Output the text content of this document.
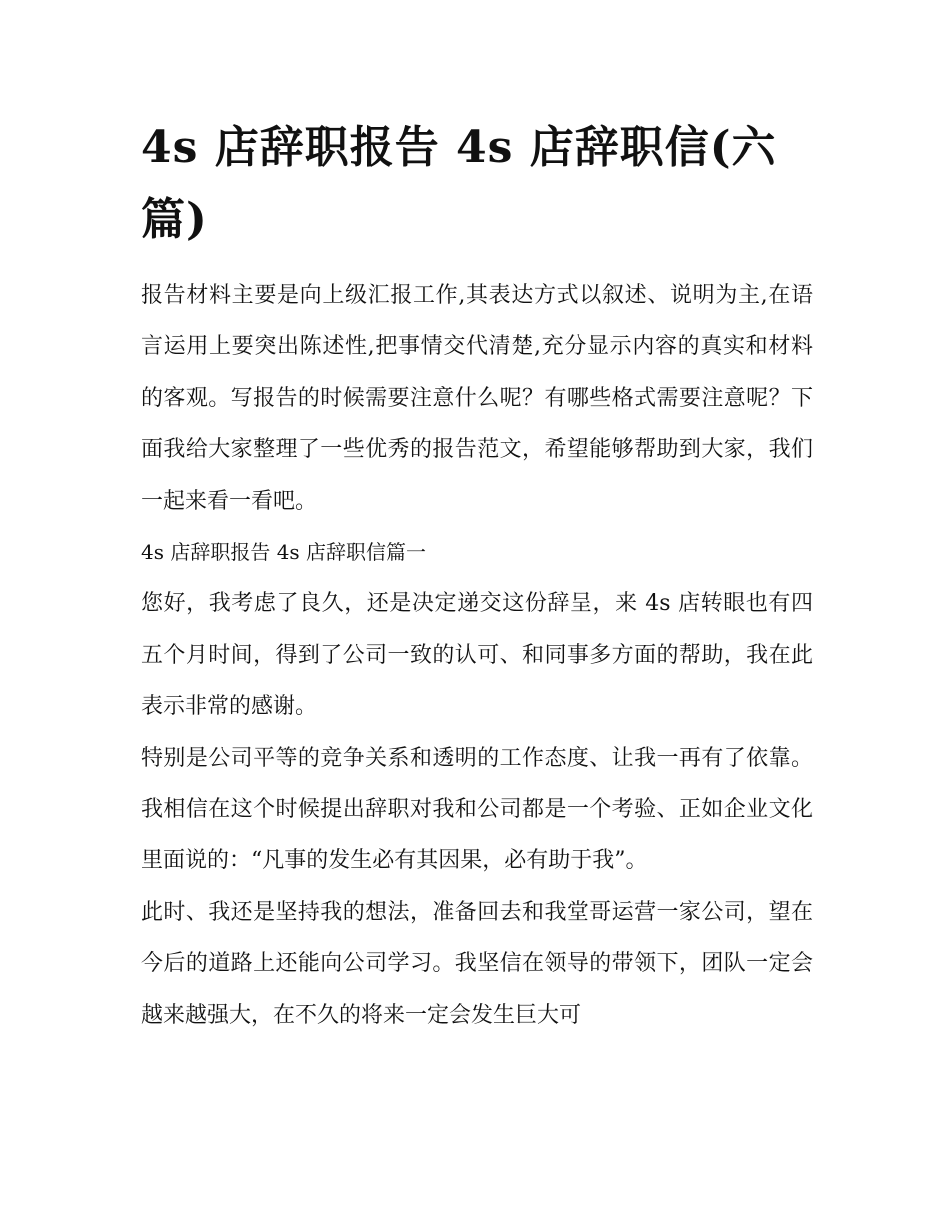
4s 店辞职报告 4s 店辞职信(六篇)

报告材料主要是向上级汇报工作,其表达方式以叙述、说明为主,在语言运用上要突出陈述性,把事情交代清楚,充分显示内容的真实和材料的客观。写报告的时候需要注意什么呢？有哪些格式需要注意呢？下面我给大家整理了一些优秀的报告范文，希望能够帮助到大家，我们一起来看一看吧。

4s 店辞职报告 4s 店辞职信篇一

您好，我考虑了良久，还是决定递交这份辞呈，来 4s 店转眼也有四五个月时间，得到了公司一致的认可、和同事多方面的帮助，我在此表示非常的感谢。

特别是公司平等的竞争关系和透明的工作态度、让我一再有了依靠。我相信在这个时候提出辞职对我和公司都是一个考验、正如企业文化里面说的：“凡事的发生必有其因果，必有助于我”。

此时、我还是坚持我的想法，准备回去和我堂哥运营一家公司，望在今后的道路上还能向公司学习。我坚信在领导的带领下，团队一定会越来越强大，在不久的将来一定会发生巨大可
